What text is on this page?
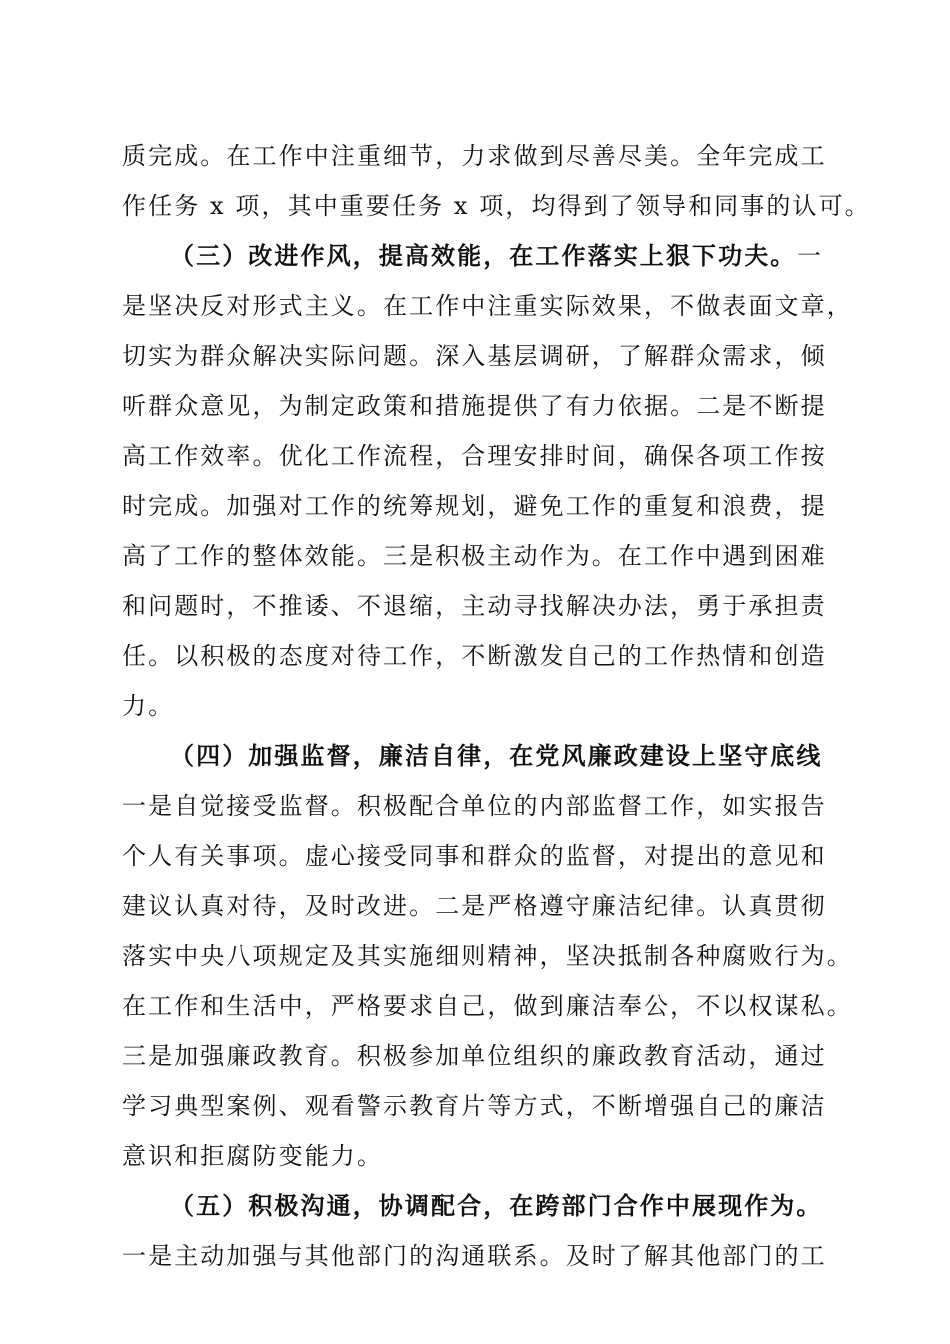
质完成。在工作中注重细节，力求做到尽善尽美。全年完成工
作任务 x 项，其中重要任务 x 项，均得到了领导和同事的认可。
（三）改进作风，提高效能，在工作落实上狠下功夫。 一
是坚决反对形式主义。在工作中注重实际效果，不做表面文章，
切实为群众解决实际问题。深入基层调研，了解群众需求，倾
听群众意见，为制定政策和措施提供了有力依据。二是不断提
高工作效率。优化工作流程，合理安排时间，确保各项工作按
时完成。加强对工作的统筹规划，避免工作的重复和浪费，提
高了工作的整体效能。三是积极主动作为。在工作中遇到困难
和问题时，不推诿、不退缩，主动寻找解决办法，勇于承担责
任。以积极的态度对待工作，不断激发自己的工作热情和创造
力。
（四）加强监督，廉洁自律，在党风廉政建设上坚守底线
一是自觉接受监督。积极配合单位的内部监督工作，如实报告
个人有关事项。虚心接受同事和群众的监督，对提出的意见和
建议认真对待，及时改进。二是严格遵守廉洁纪律。认真贯彻
落实中央八项规定及其实施细则精神，坚决抵制各种腐败行为。
在工作和生活中，严格要求自己，做到廉洁奉公，不以权谋私。
三是加强廉政教育。积极参加单位组织的廉政教育活动，通过
学习典型案例、观看警示教育片等方式，不断增强自己的廉洁
意识和拒腐防变能力。
（五）积极沟通，协调配合，在跨部门合作中展现作为。
一是主动加强与其他部门的沟通联系。及时了解其他部门的工
